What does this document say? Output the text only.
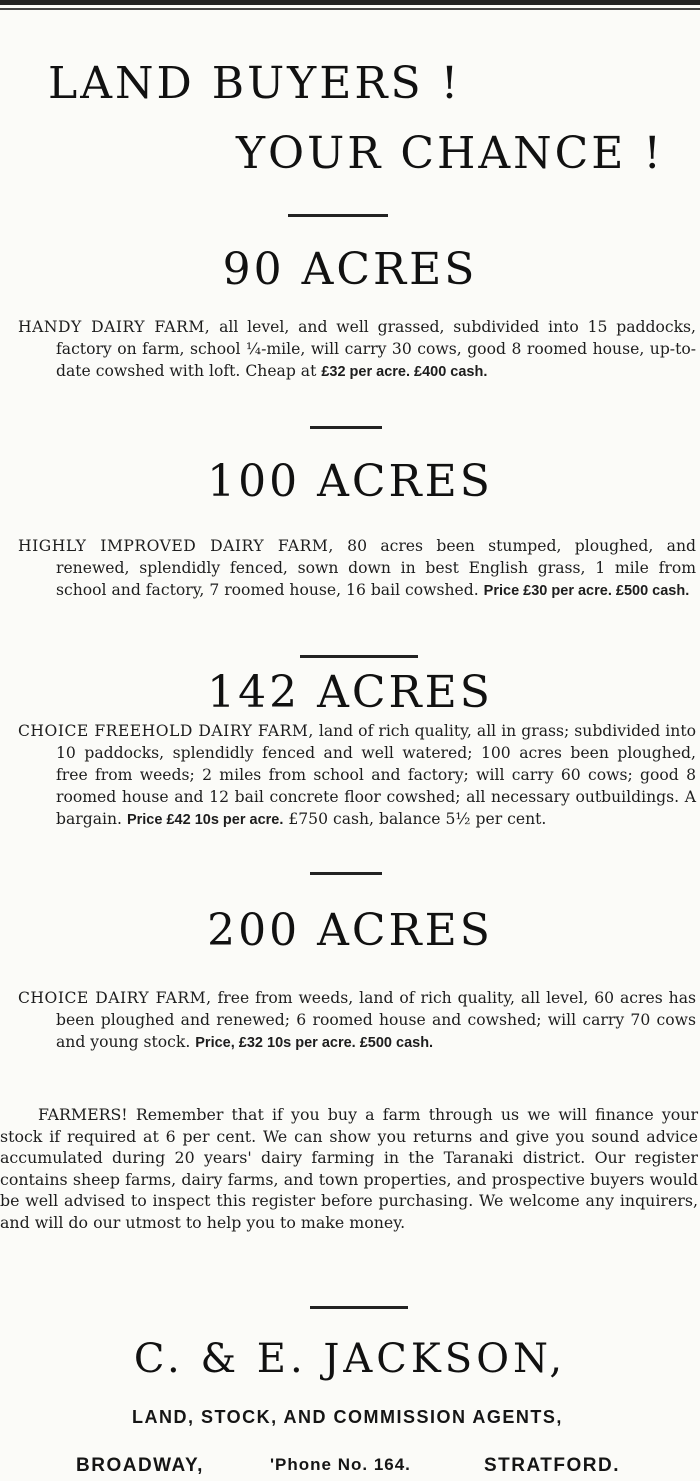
LAND BUYERS !
YOUR CHANCE !
90 ACRES

HANDY DAIRY FARM, all level, and well grassed, subdivided into 15 paddocks, factory on farm, school ¼-mile, will carry 30 cows, good 8 roomed house, up-to-date cowshed with loft. Cheap at £32 per acre. £400 cash.

100 ACRES

HIGHLY IMPROVED DAIRY FARM, 80 acres been stumped, ploughed, and renewed, splendidly fenced, sown down in best English grass, 1 mile from school and factory, 7 roomed house, 16 bail cowshed. Price £30 per acre. £500 cash.

142 ACRES

CHOICE FREEHOLD DAIRY FARM, land of rich quality, all in grass; subdivided into 10 paddocks, splendidly fenced and well watered; 100 acres been ploughed, free from weeds; 2 miles from school and factory; will carry 60 cows; good 8 roomed house and 12 bail concrete floor cowshed; all necessary outbuildings. A bargain. Price £42 10s per acre. £750 cash, balance 5½ per cent.

200 ACRES

CHOICE DAIRY FARM, free from weeds, land of rich quality, all level, 60 acres has been ploughed and renewed; 6 roomed house and cowshed; will carry 70 cows and young stock. Price, £32 10s per acre. £500 cash.

FARMERS! Remember that if you buy a farm through us we will finance your stock if required at 6 per cent. We can show you returns and give you sound advice accumulated during 20 years' dairy farming in the Taranaki district. Our register contains sheep farms, dairy farms, and town properties, and prospective buyers would be well advised to inspect this register before purchasing. We welcome any inquirers, and will do our utmost to help you to make money.

C. & E. JACKSON,
LAND, STOCK, AND COMMISSION AGENTS,
BROADWAY,	'Phone No. 164.	STRATFORD.
